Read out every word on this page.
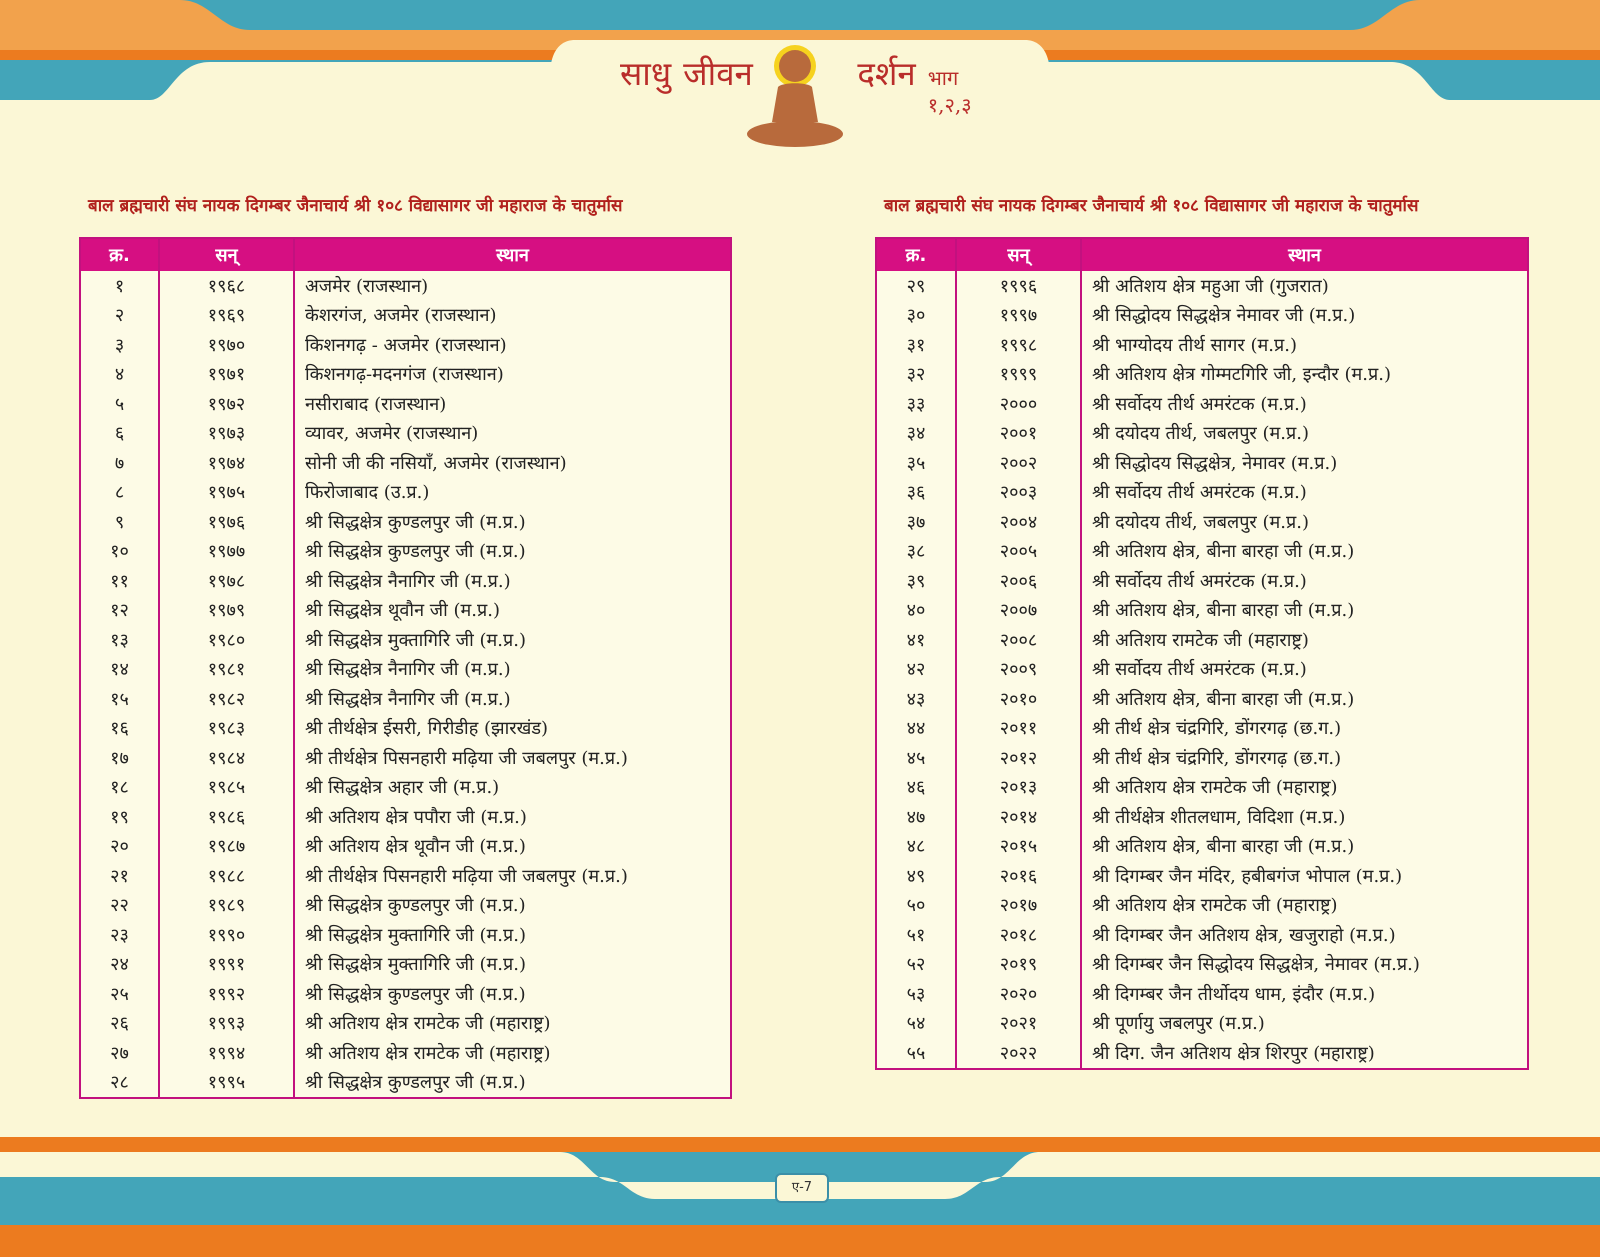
साधु जीवन	दर्शन भाग १,२,३
बाल ब्रह्मचारी संघ नायक दिगम्बर जैनाचार्य श्री १०८ विद्यासागर जी महाराज के चातुर्मास
क्र.	सन्	स्थान
१	१९६८	अजमेर (राजस्थान)
२	१९६९	केशरगंज, अजमेर (राजस्थान)
३	१९७०	किशनगढ़ - अजमेर (राजस्थान)
४	१९७१	किशनगढ़-मदनगंज (राजस्थान)
५	१९७२	नसीराबाद (राजस्थान)
६	१९७३	व्यावर, अजमेर (राजस्थान)
७	१९७४	सोनी जी की नसियाँ, अजमेर (राजस्थान)
८	१९७५	फिरोजाबाद (उ.प्र.)
९	१९७६	श्री सिद्धक्षेत्र कुण्डलपुर जी (म.प्र.)
१०	१९७७	श्री सिद्धक्षेत्र कुण्डलपुर जी (म.प्र.)
११	१९७८	श्री सिद्धक्षेत्र नैनागिर जी (म.प्र.)
१२	१९७९	श्री सिद्धक्षेत्र थूवौन जी (म.प्र.)
१३	१९८०	श्री सिद्धक्षेत्र मुक्तागिरि जी (म.प्र.)
१४	१९८१	श्री सिद्धक्षेत्र नैनागिर जी (म.प्र.)
१५	१९८२	श्री सिद्धक्षेत्र नैनागिर जी (म.प्र.)
१६	१९८३	श्री तीर्थक्षेत्र ईसरी, गिरीडीह (झारखंड)
१७	१९८४	श्री तीर्थक्षेत्र पिसनहारी मढ़िया जी जबलपुर (म.प्र.)
१८	१९८५	श्री सिद्धक्षेत्र अहार जी (म.प्र.)
१९	१९८६	श्री अतिशय क्षेत्र पपौरा जी (म.प्र.)
२०	१९८७	श्री अतिशय क्षेत्र थूवौन जी (म.प्र.)
२१	१९८८	श्री तीर्थक्षेत्र पिसनहारी मढ़िया जी जबलपुर (म.प्र.)
२२	१९८९	श्री सिद्धक्षेत्र कुण्डलपुर जी (म.प्र.)
२३	१९९०	श्री सिद्धक्षेत्र मुक्तागिरि जी (म.प्र.)
२४	१९९१	श्री सिद्धक्षेत्र मुक्तागिरि जी (म.प्र.)
२५	१९९२	श्री सिद्धक्षेत्र कुण्डलपुर जी (म.प्र.)
२६	१९९३	श्री अतिशय क्षेत्र रामटेक जी (महाराष्ट्र)
२७	१९९४	श्री अतिशय क्षेत्र रामटेक जी (महाराष्ट्र)
२८	१९९५	श्री सिद्धक्षेत्र कुण्डलपुर जी (म.प्र.)
बाल ब्रह्मचारी संघ नायक दिगम्बर जैनाचार्य श्री १०८ विद्यासागर जी महाराज के चातुर्मास
क्र.	सन्	स्थान
२९	१९९६	श्री अतिशय क्षेत्र महुआ जी (गुजरात)
३०	१९९७	श्री सिद्धोदय सिद्धक्षेत्र नेमावर जी (म.प्र.)
३१	१९९८	श्री भाग्योदय तीर्थ सागर (म.प्र.)
३२	१९९९	श्री अतिशय क्षेत्र गोम्मटगिरि जी, इन्दौर (म.प्र.)
३३	२०००	श्री सर्वोदय तीर्थ अमरंटक (म.प्र.)
३४	२००१	श्री दयोदय तीर्थ, जबलपुर (म.प्र.)
३५	२००२	श्री सिद्धोदय सिद्धक्षेत्र, नेमावर (म.प्र.)
३६	२००३	श्री सर्वोदय तीर्थ अमरंटक (म.प्र.)
३७	२००४	श्री दयोदय तीर्थ, जबलपुर (म.प्र.)
३८	२००५	श्री अतिशय क्षेत्र, बीना बारहा जी (म.प्र.)
३९	२००६	श्री सर्वोदय तीर्थ अमरंटक (म.प्र.)
४०	२००७	श्री अतिशय क्षेत्र, बीना बारहा जी (म.प्र.)
४१	२००८	श्री अतिशय रामटेक जी (महाराष्ट्र)
४२	२००९	श्री सर्वोदय तीर्थ अमरंटक (म.प्र.)
४३	२०१०	श्री अतिशय क्षेत्र, बीना बारहा जी (म.प्र.)
४४	२०११	श्री तीर्थ क्षेत्र चंद्रगिरि, डोंगरगढ़ (छ.ग.)
४५	२०१२	श्री तीर्थ क्षेत्र चंद्रगिरि, डोंगरगढ़ (छ.ग.)
४६	२०१३	श्री अतिशय क्षेत्र रामटेक जी (महाराष्ट्र)
४७	२०१४	श्री तीर्थक्षेत्र शीतलधाम, विदिशा (म.प्र.)
४८	२०१५	श्री अतिशय क्षेत्र, बीना बारहा जी (म.प्र.)
४९	२०१६	श्री दिगम्बर जैन मंदिर, हबीबगंज भोपाल (म.प्र.)
५०	२०१७	श्री अतिशय क्षेत्र रामटेक जी (महाराष्ट्र)
५१	२०१८	श्री दिगम्बर जैन अतिशय क्षेत्र, खजुराहो (म.प्र.)
५२	२०१९	श्री दिगम्बर जैन सिद्धोदय सिद्धक्षेत्र, नेमावर (म.प्र.)
५३	२०२०	श्री दिगम्बर जैन तीर्थोदय धाम, इंदौर (म.प्र.)
५४	२०२१	श्री पूर्णायु जबलपुर (म.प्र.)
५५	२०२२	श्री दिग. जैन अतिशय क्षेत्र शिरपुर (महाराष्ट्र)
ए-7
